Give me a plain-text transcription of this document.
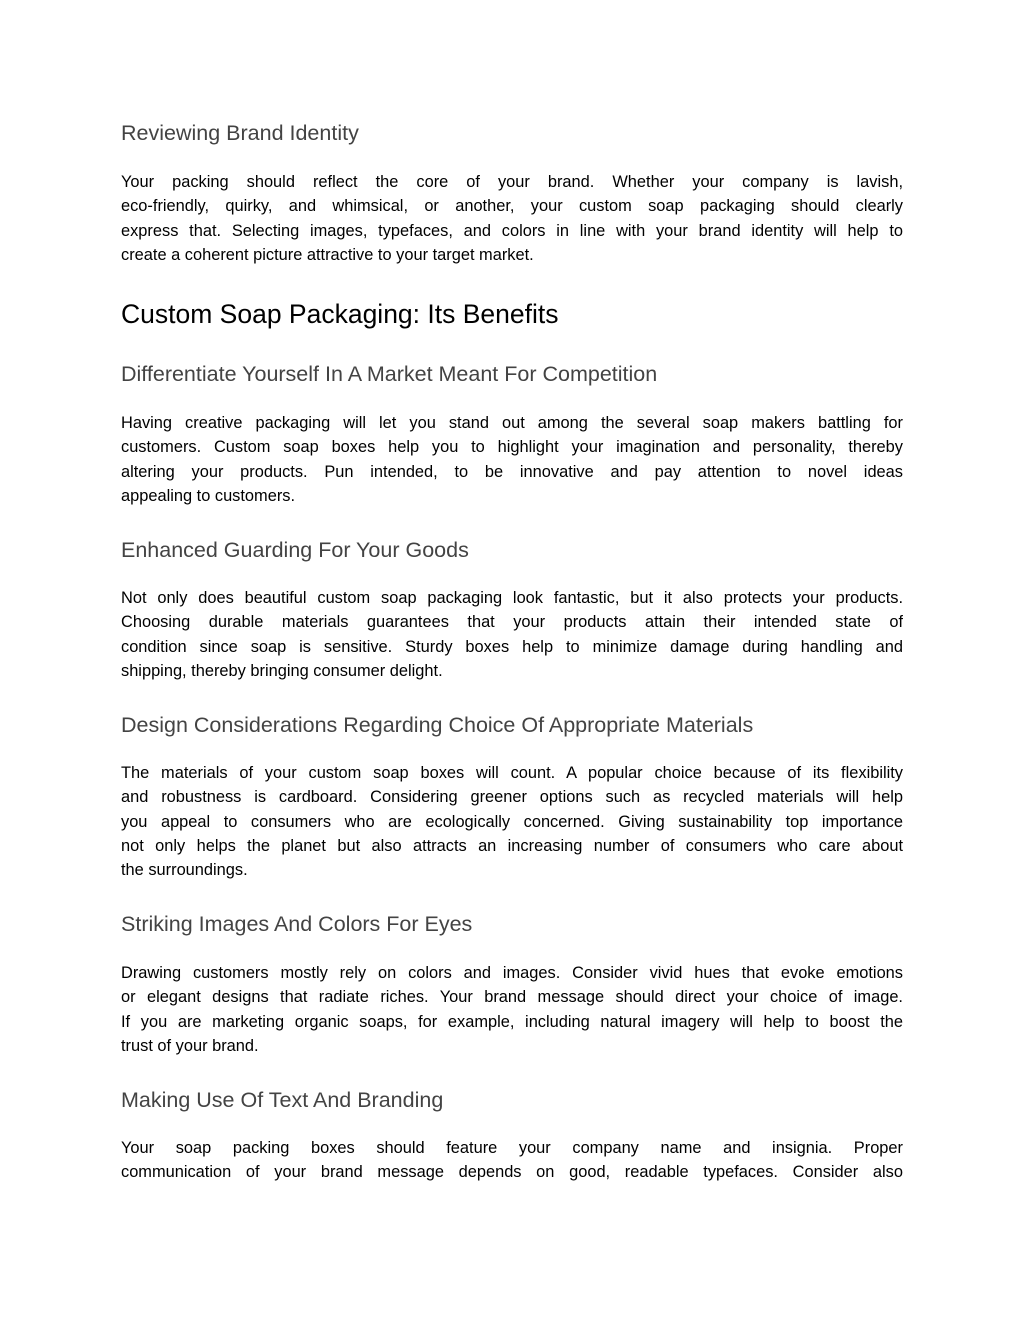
Reviewing Brand Identity
Your packing should reflect the core of your brand. Whether your company is lavish,
eco-friendly, quirky, and whimsical, or another, your custom soap packaging should clearly
express that. Selecting images, typefaces, and colors in line with your brand identity will help to
create a coherent picture attractive to your target market.
Custom Soap Packaging: Its Benefits
Differentiate Yourself In A Market Meant For Competition
Having creative packaging will let you stand out among the several soap makers battling for
customers. Custom soap boxes help you to highlight your imagination and personality, thereby
altering your products. Pun intended, to be innovative and pay attention to novel ideas
appealing to customers.
Enhanced Guarding For Your Goods
Not only does beautiful custom soap packaging look fantastic, but it also protects your products.
Choosing durable materials guarantees that your products attain their intended state of
condition since soap is sensitive. Sturdy boxes help to minimize damage during handling and
shipping, thereby bringing consumer delight.
Design Considerations Regarding Choice Of Appropriate Materials
The materials of your custom soap boxes will count. A popular choice because of its flexibility
and robustness is cardboard. Considering greener options such as recycled materials will help
you appeal to consumers who are ecologically concerned. Giving sustainability top importance
not only helps the planet but also attracts an increasing number of consumers who care about
the surroundings.
Striking Images And Colors For Eyes
Drawing customers mostly rely on colors and images. Consider vivid hues that evoke emotions
or elegant designs that radiate riches. Your brand message should direct your choice of image.
If you are marketing organic soaps, for example, including natural imagery will help to boost the
trust of your brand.
Making Use Of Text And Branding
Your soap packing boxes should feature your company name and insignia. Proper
communication of your brand message depends on good, readable typefaces. Consider also
